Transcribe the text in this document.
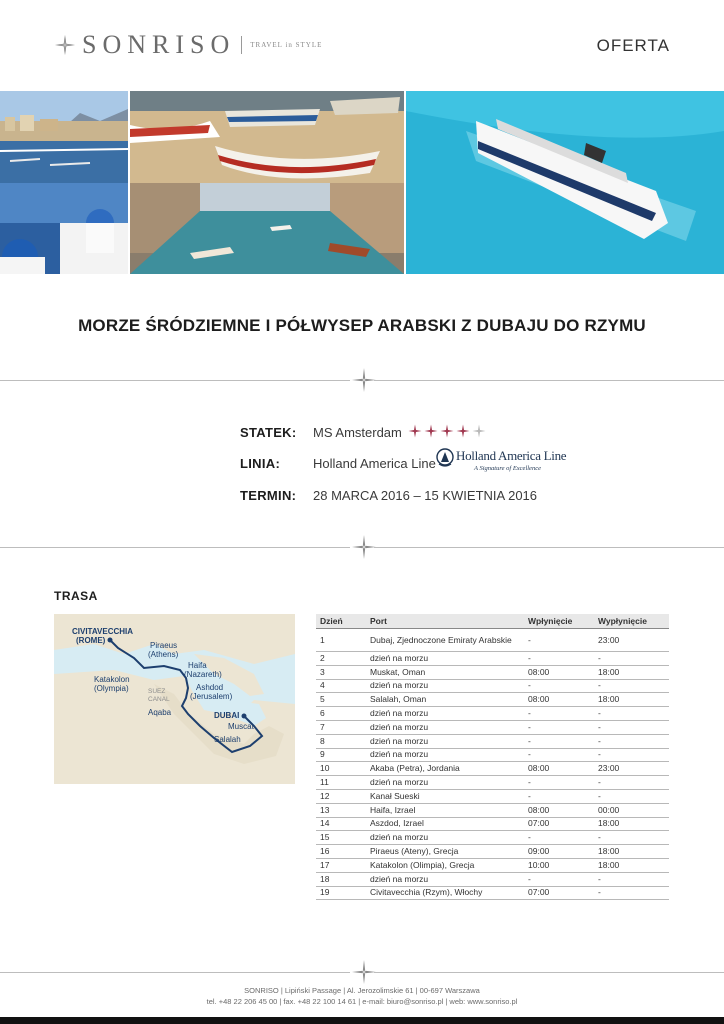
SONRISO TRAVEL in STYLE	OFERTA
MORZE ŚRÓDZIEMNE I PÓŁWYSEP ARABSKI Z DUBAJU DO RZYMU
STATEK: MS Amsterdam
LINIA:	Holland America Line
Holland America Line
A Signature of Excellence
TERMIN: 28 MARCA 2016 – 15 KWIETNIA 2016
TRASA
CIVITAVECCHIA
(ROME)
Piraeus
(Athens)
Haifa
(Nazareth)
Katakolon
(Olympia)	SUEZ
CANAL
Ashdod
(Jerusalem)
Aqaba	DUBAI
Muscat
Salalah
Dzień	Port	Wpłynięcie	Wypłynięcie
1	Dubaj, Zjednoczone Emiraty Arabskie	-	23:00
2	dzień na morzu	-	-
3	Muskat, Oman	08:00	18:00
4	dzień na morzu	-	-
5	Salalah, Oman	08:00	18:00
6	dzień na morzu	-	-
7	dzień na morzu	-	-
8	dzień na morzu	-	-
9	dzień na morzu	-	-
10	Akaba (Petra), Jordania	08:00	23:00
11	dzień na morzu	-	-
12	Kanał Sueski	-	-
13	Haifa, Izrael	08:00	00:00
14	Aszdod, Izrael	07:00	18:00
15	dzień na morzu	-	-
16	Piraeus (Ateny), Grecja	09:00	18:00
17	Katakolon (Olimpia), Grecja	10:00	18:00
18	dzień na morzu	-	-
19	Civitavecchia (Rzym), Włochy	07:00	-
SONRISO | Lipiński Passage | Al. Jerozolimskie 61 | 00-697 Warszawa
tel. +48 22 206 45 00 | fax. +48 22 100 14 61 | e-mail: biuro@sonriso.pl | web: www.sonriso.pl
